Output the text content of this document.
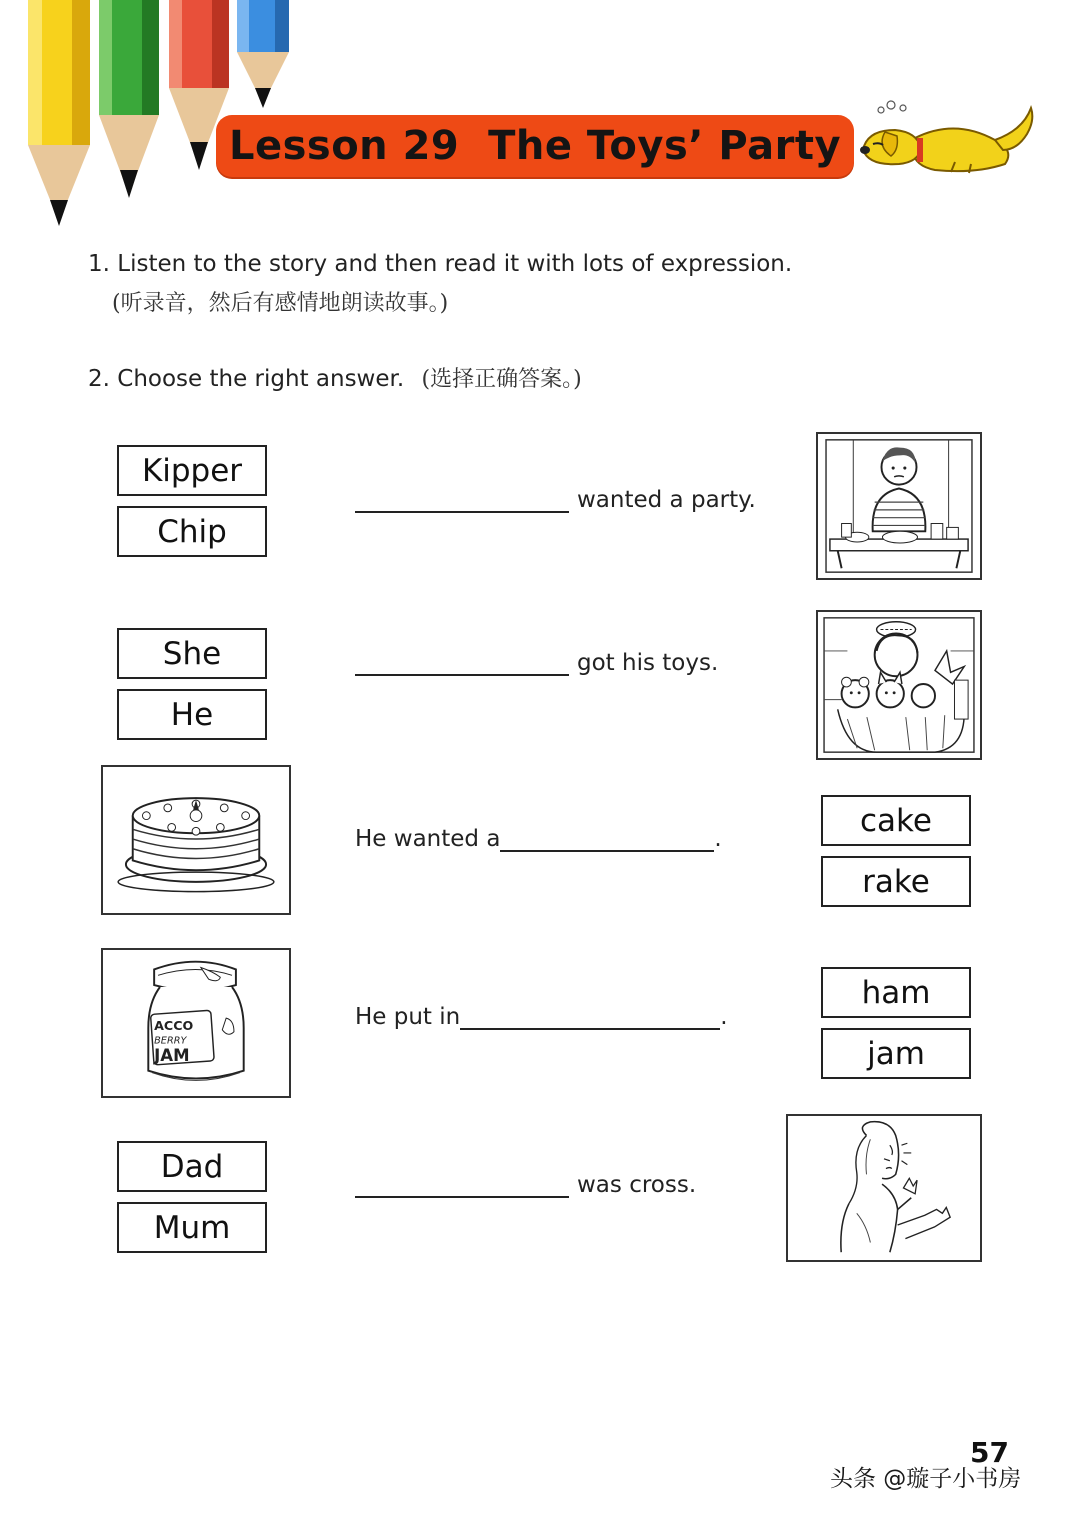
Lesson 29  The Toys’ Party
1. Listen to the story and then read it with lots of expression.
(听录音，然后有感情地朗读故事。)
2. Choose the right answer. (选择正确答案。)
Kipper
Chip
wanted a party.
She
He
got his toys.
He wanted a	.
cake
rake
ACCO
BERRY
JAM
He put in	.
ham
jam
Dad
Mum
was cross.
57
头条 @璇子小书房
